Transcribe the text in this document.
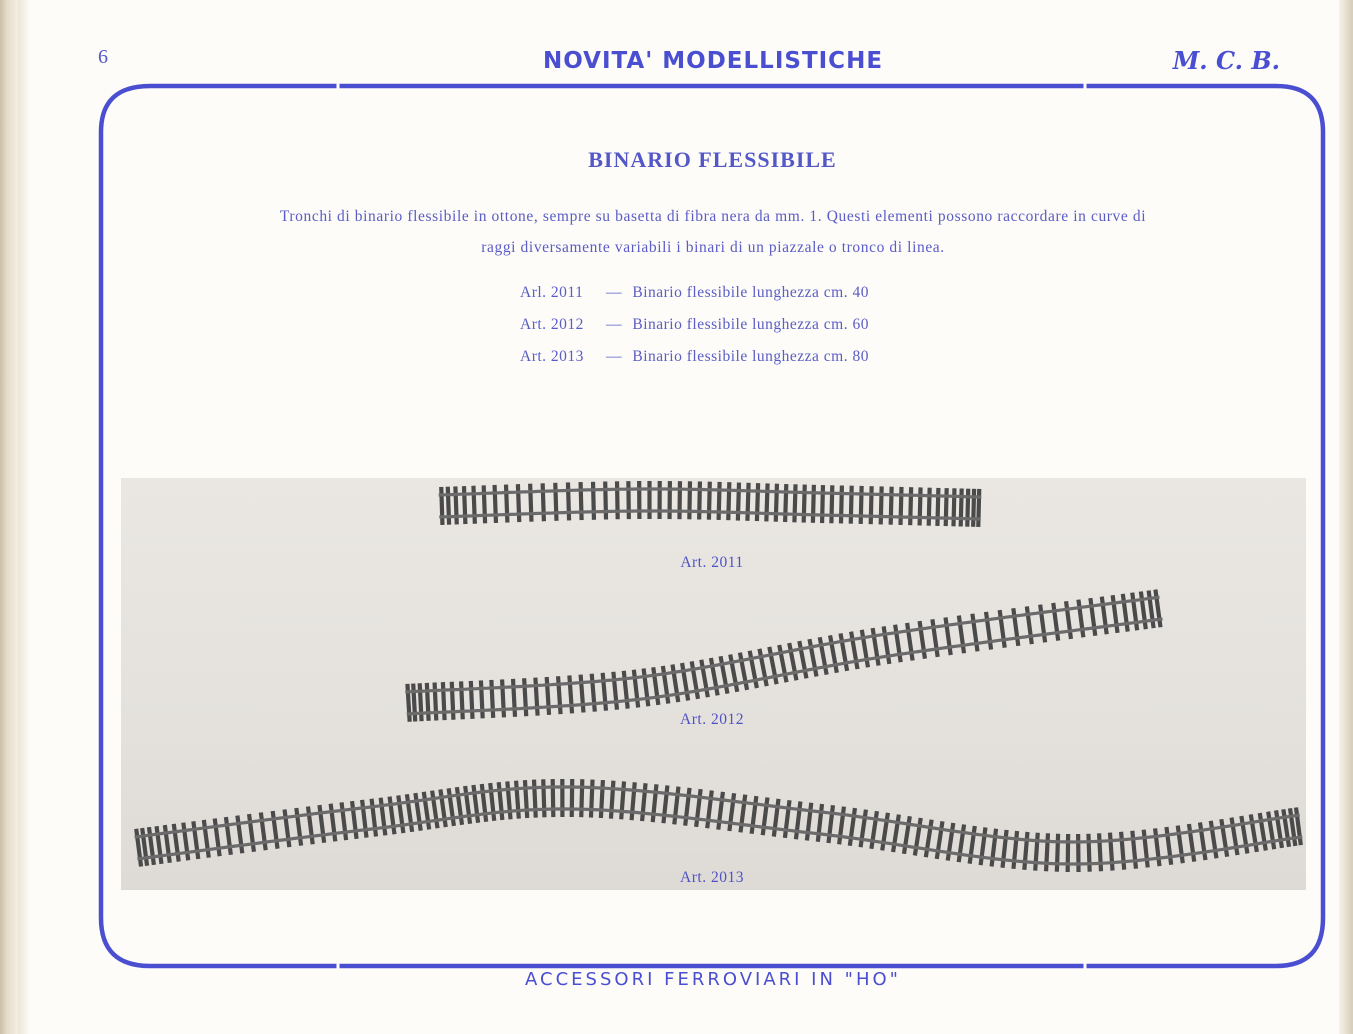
6	NOVITA' MODELLISTICHE	M. C. B.
BINARIO FLESSIBILE
Tronchi di binario flessibile in ottone, sempre su basetta di fibra nera da mm. 1. Questi elementi possono raccordare in curve di
raggi diversamente variabili i binari di un piazzale o tronco di linea.
Arl. 2011 — Binario flessibile lunghezza cm. 40
Art. 2012 — Binario flessibile lunghezza cm. 60
Art. 2013 — Binario flessibile lunghezza cm. 80
Art. 2011
Art. 2012
Art. 2013
ACCESSORI FERROVIARI IN "HO"
